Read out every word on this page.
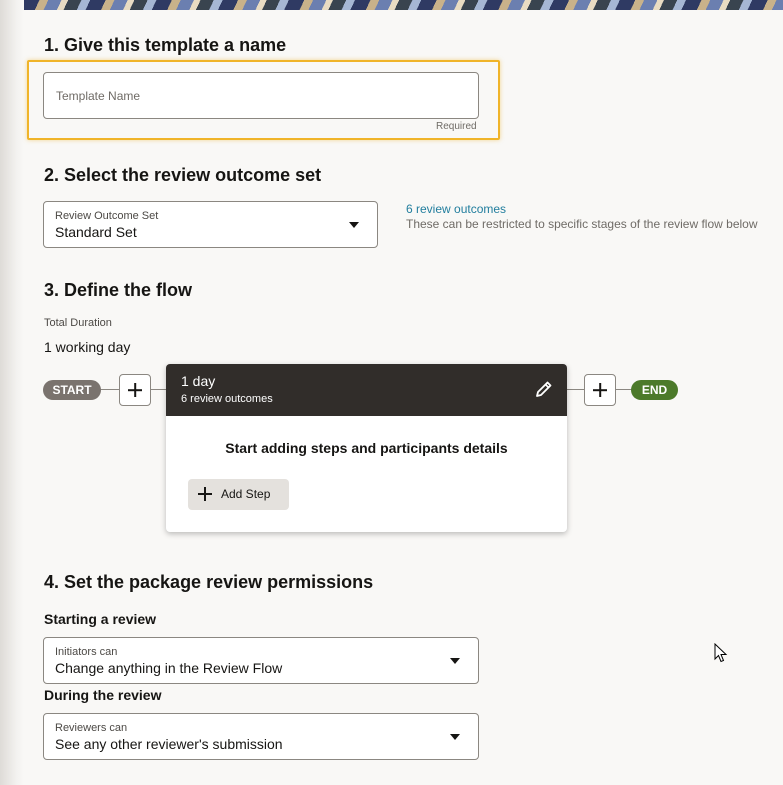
1. Give this template a name
Template Name
Required
2. Select the review outcome set
Review Outcome Set
Standard Set
6 review outcomes
These can be restricted to specific stages of the review flow below
3. Define the flow
Total Duration
1 working day
START
1 day
6 review outcomes
Start adding steps and participants details
Add Step
END
4. Set the package review permissions
Starting a review
Initiators can
Change anything in the Review Flow
During the review
Reviewers can
See any other reviewer's submission
